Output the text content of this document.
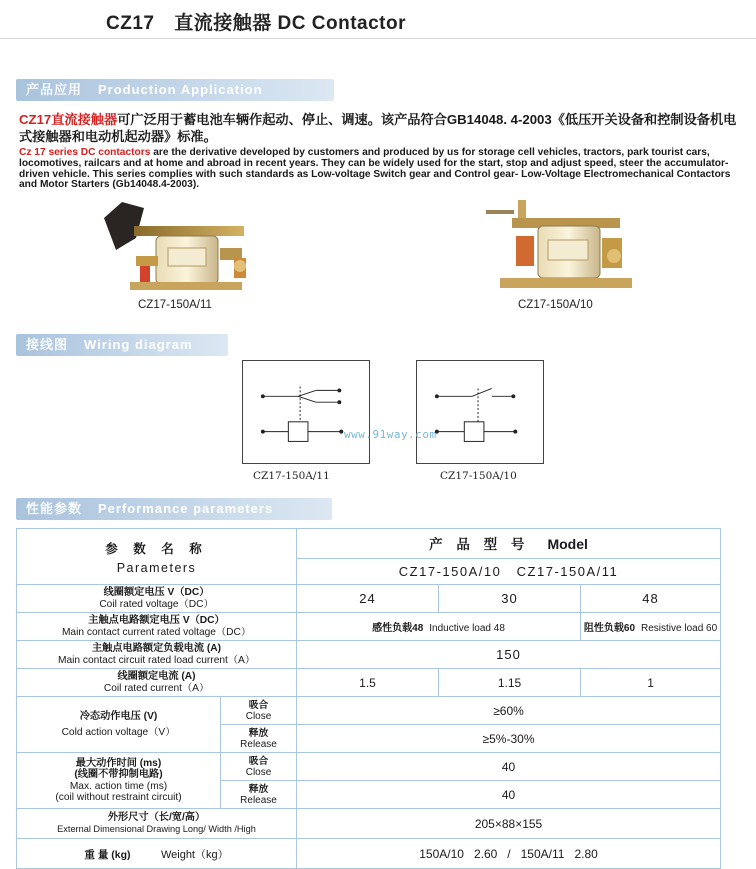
CZ17 直流接触器 DC Contactor
产品应用 Production Application
CZ17直流接触器可广泛用于蓄电池车辆作起动、停止、调速。该产品符合GB14048. 4-2003《低压开关设备和控制设备机电式接触器和电动机起动器》标准。
Cz 17 series DC contactors are the derivative developed by customers and produced by us for storage cell vehicles, tractors, park tourist cars, locomotives, railcars and at home and abroad in recent years. They can be widely used for the start, stop and adjust speed, steer the accumulator-driven vehicle. This series complies with such standards as Low-voltage Switch gear and Control gear- Low-Voltage Electromechanical Contactors and Motor Starters (Gb14048.4-2003).
CZ17-150A/11	CZ17-150A/10
接线图 Wiring diagram
CZ17-150A/11	CZ17-150A/10
www.91way.com
性能参数 Performance parameters
参 数 名 称
Parameters		产 品 型 号 Model		
		CZ17-150A/10   CZ17-150A/11		

线圈额定电压 V（DC）
Coil rated voltage（DC）		24	30	48

主触点电路额定电压 V（DC）
Main contact current rated voltage（DC）		感性负载48 Inductive load 48		阻性负载60 Resistive load 60

主触点电路额定负载电流 (A)
Main contact circuit rated load current（A）		150		

线圈额定电流 (A)
Coil rated current（A）		1.5	1.15	1

冷态动作电压 (V)
Cold action voltage（V）	吸合
Close	≥60%		

	释放
Release	≥5%-30%		

最大动作时间 (ms)
(线圈不带抑制电路)
Max. action time (ms)
(coil without restraint circuit)	吸合
Close	40		

	释放
Release	40		

外形尺寸（长/宽/高）
External Dimensional Drawing Long/ Width /High		205×88×155		
重 量 (kg) Weight（kg）		150A/10   2.60   /   150A/11   2.80		
